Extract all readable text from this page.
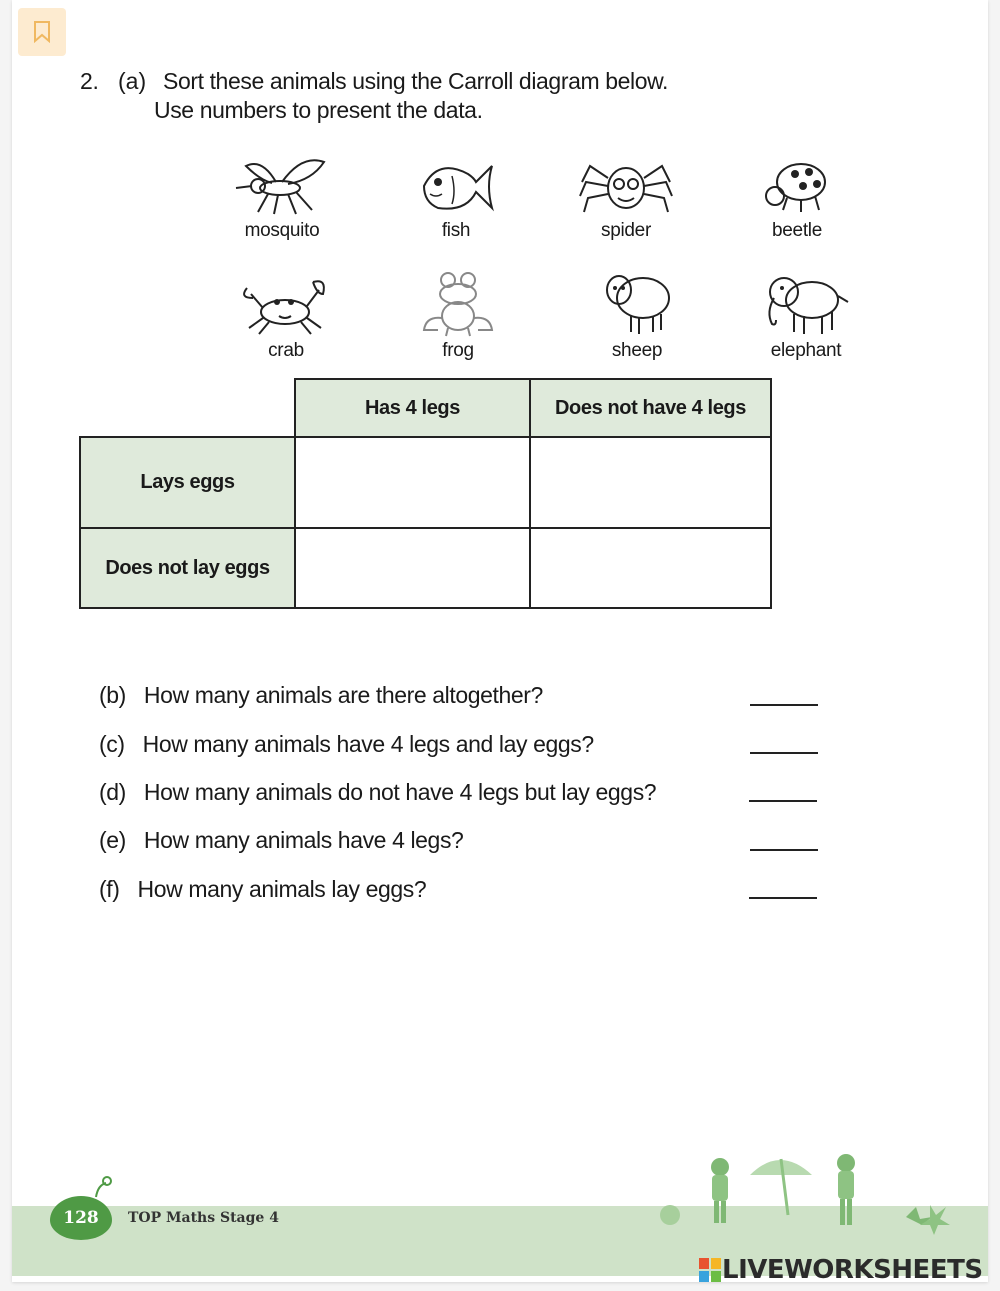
2. (a) Sort these animals using the Carroll diagram below.
Use numbers to present the data.
mosquito	fish	spider	beetle
crab	frog	sheep	elephant
	Has 4 legs	Does not have 4 legs
Lays eggs		
Does not lay eggs		
(b) How many animals are there altogether?
(c) How many animals have 4 legs and lay eggs?
(d) How many animals do not have 4 legs but lay eggs?
(e) How many animals have 4 legs?
(f) How many animals lay eggs?
128	TOP Maths Stage 4
LIVEWORKSHEETS
